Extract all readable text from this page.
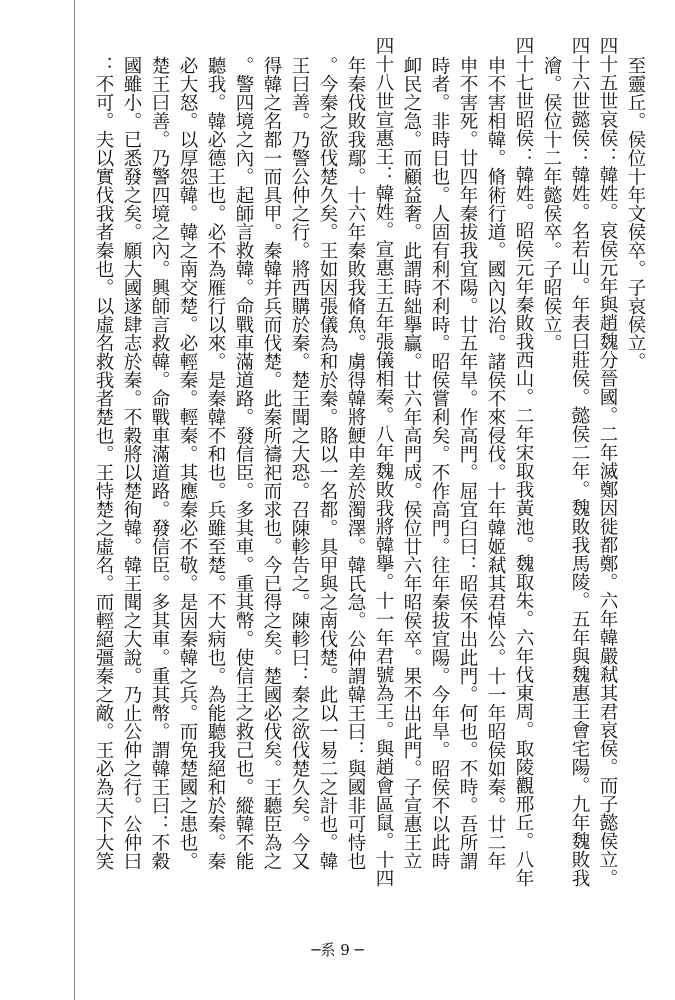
至靈丘。侯位十年文侯卒。子哀侯立。

四十五世哀侯：韓姓。哀侯元年與趙魏分晉國。二年滅鄭因徙都鄭。六年韓嚴弒其君哀侯。而子懿侯立。

四十六世懿侯：韓姓。名若山。年表曰莊侯。懿侯二年。魏敗我馬陵。五年與魏惠王會宅陽。九年魏敗我

澮。侯位十二年懿侯卒。子昭侯立。

四十七世昭侯：韓姓。昭侯元年秦敗我西山。二年宋取我黃池。魏取朱。六年伐東周。取陵觀邢丘。八年

申不害相韓。脩術行道。國內以治。諸侯不來侵伐。十年韓姬弒其君悼公。十一年昭侯如秦。廿二年

申不害死。廿四年秦拔我宜陽。廿五年旱。作高門。屈宜臼曰：昭侯不出此門。何也。不時。吾所謂

時者。非時日也。人固有利不利時。昭侯嘗利矣。不作高門。往年秦拔宜陽。今年旱。昭侯不以此時

卹民之急。而顧益奢。此謂時絀擧贏。廿六年高門成。侯位廿六年昭侯卒。果不出此門。子宣惠王立

四十八世宣惠王：韓姓。宣惠王五年張儀相秦。八年魏敗我將韓擧。十一年君號為王。與趙會區鼠。十四

年秦伐敗我鄢。十六年秦敗我脩魚。虜得韓將鯁申差於濁澤。韓氏急。公仲謂韓王曰：與國非可恃也

。今秦之欲伐楚久矣。王如因張儀為和於秦。賂以一名都。具甲與之南伐楚。此以一易二之計也。韓

王曰善。乃警公仲之行。將西購於秦。楚王聞之大恐。召陳軫告之。陳軫曰：秦之欲伐楚久矣。今又

得韓之名都一而具甲。秦韓并兵而伐楚。此秦所禱祀而求也。今已得之矣。楚國必伐矣。王聽臣為之

。警四境之內。起師言救韓。命戰車滿道路。發信臣。多其車。重其幣。使信王之救己也。縱韓不能

聽我。韓必德王也。必不為雁行以來。是秦韓不和也。兵雖至楚。不大病也。為能聽我絕和於秦。秦

必大怒。以厚怨韓。韓之南交楚。必輕秦。輕秦。其應秦必不敬。是因秦韓之兵。而免楚國之患也。

楚王曰善。乃警四境之內。興師言救韓。命戰車滿道路。發信臣。多其車。重其幣。謂韓王曰：不穀

國雖小。已悉發之矣。願大國遂肆志於秦。不穀將以楚徇韓。韓王聞之大說。乃止公仲之行。公仲曰

：不可。夫以實伐我者秦也。以虛名救我者楚也。王恃楚之虛名。而輕絕彊秦之敵。王必為天下大笑

─系 9 ─
